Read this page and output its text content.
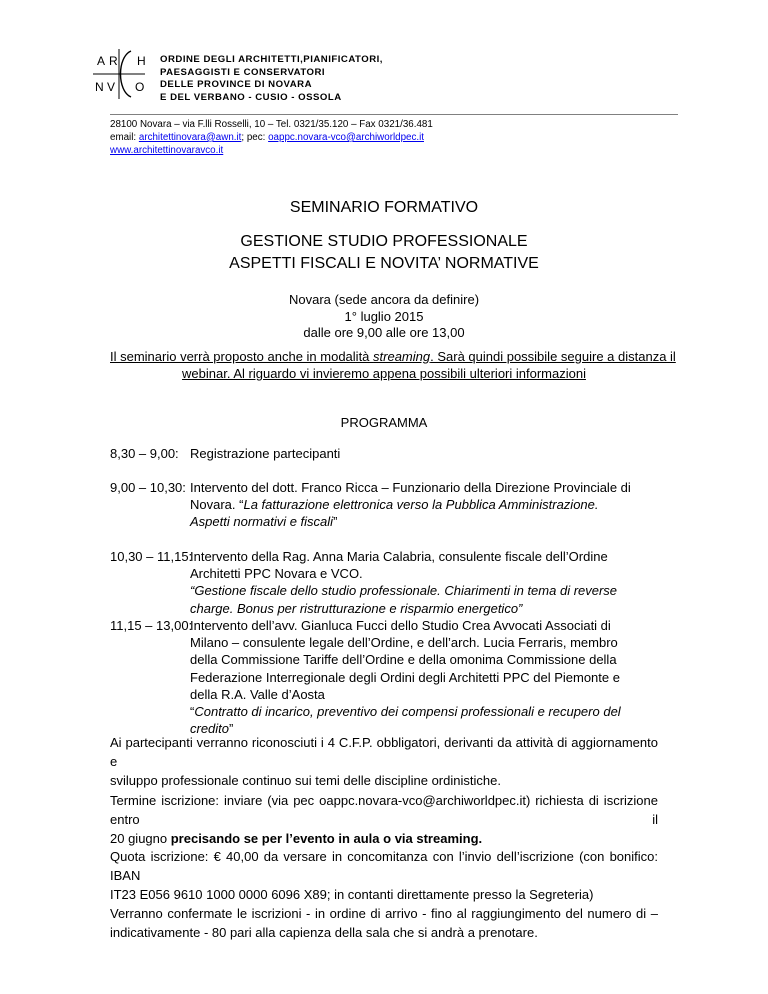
A R H
N V O
ORDINE DEGLI ARCHITETTI,PIANIFICATORI,
PAESAGGISTI E CONSERVATORI
DELLE PROVINCE DI NOVARA
E DEL VERBANO - CUSIO - OSSOLA
28100 Novara – via F.lli Rosselli, 10 – Tel. 0321/35.120 – Fax 0321/36.481
email: architettinovara@awn.it; pec: oappc.novara-vco@archiworldpec.it
www.architettinovaravco.it
SEMINARIO FORMATIVO
GESTIONE STUDIO PROFESSIONALE
ASPETTI FISCALI E NOVITA’ NORMATIVE
Novara (sede ancora da definire)
1° luglio 2015
dalle ore 9,00 alle ore 13,00
Il seminario verrà proposto anche in modalità streaming. Sarà quindi possibile seguire a distanza il
webinar. Al riguardo vi invieremo appena possibili ulteriori informazioni
PROGRAMMA
8,30 – 9,00: Registrazione partecipanti
9,00 – 10,30: Intervento del dott. Franco Ricca – Funzionario della Direzione Provinciale di
Novara. “La fatturazione elettronica verso la Pubblica Amministrazione.
Aspetti normativi e fiscali”
10,30 – 11,15:
Intervento della Rag. Anna Maria Calabria, consulente fiscale dell’Ordine
Architetti PPC Novara e VCO.
“Gestione fiscale dello studio professionale. Chiarimenti in tema di reverse
charge. Bonus per ristrutturazione e risparmio energetico”
11,15 – 13,00:
Intervento dell’avv. Gianluca Fucci dello Studio Crea Avvocati Associati di
Milano – consulente legale dell’Ordine, e dell’arch. Lucia Ferraris, membro
della Commissione Tariffe dell’Ordine e della omonima Commissione della
Federazione Interregionale degli Ordini degli Architetti PPC del Piemonte e
della R.A. Valle d’Aosta
“Contratto di incarico, preventivo dei compensi professionali e recupero del
credito”
Ai partecipanti verranno riconosciuti i 4 C.F.P. obbligatori, derivanti da attività di aggiornamento e
sviluppo professionale continuo sui temi delle discipline ordinistiche.
Termine iscrizione: inviare (via pec oappc.novara-vco@archiworldpec.it) richiesta di iscrizione entro il
20 giugno precisando se per l’evento in aula o via streaming.
Quota iscrizione: € 40,00 da versare in concomitanza con l’invio dell’iscrizione (con bonifico: IBAN
IT23 E056 9610 1000 0000 6096 X89; in contanti direttamente presso la Segreteria)
Verranno confermate le iscrizioni - in ordine di arrivo - fino al raggiungimento del numero di –
indicativamente - 80 pari alla capienza della sala che si andrà a prenotare.
